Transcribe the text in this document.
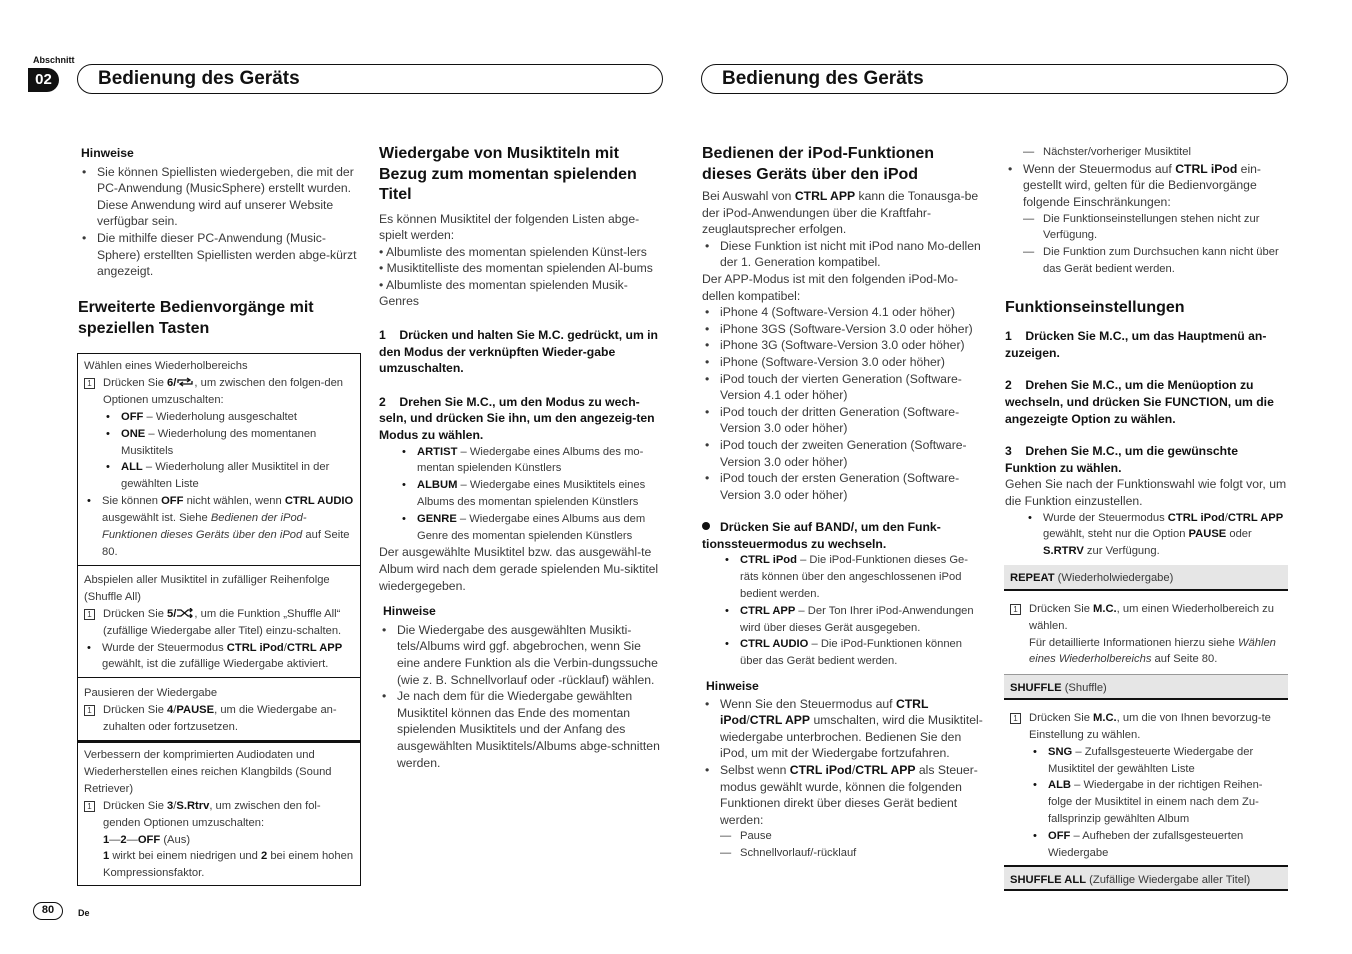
Abschnitt
02	Bedienung des Geräts	Bedienung des Geräts
Hinweise
• Sie können Spiellisten wiedergeben, die mit der PC-Anwendung (MusicSphere) erstellt wurden. Diese Anwendung wird auf unserer Website verfügbar sein.
• Die mithilfe dieser PC-Anwendung (Music-Sphere) erstellten Spiellisten werden abge-kürzt angezeigt.
Erweiterte Bedienvorgänge mit speziellen Tasten
Wählen eines Wiederholbereichs
1 Drücken Sie 6/ , um zwischen den folgen-den Optionen umzuschalten:
• OFF – Wiederholung ausgeschaltet
• ONE – Wiederholung des momentanen Musiktitels
• ALL – Wiederholung aller Musiktitel in der gewählten Liste
• Sie können OFF nicht wählen, wenn CTRL AUDIO ausgewählt ist. Siehe Bedienen der iPod-Funktionen dieses Geräts über den iPod auf Seite 80.
Abspielen aller Musiktitel in zufälliger Reihenfolge (Shuffle All)
1 Drücken Sie 5/ , um die Funktion „Shuffle All“ (zufällige Wiedergabe aller Titel) einzu-schalten.
• Wurde der Steuermodus CTRL iPod/CTRL APP gewählt, ist die zufällige Wiedergabe aktiviert.
Pausieren der Wiedergabe
1 Drücken Sie 4/PAUSE, um die Wiedergabe an-zuhalten oder fortzusetzen.
Verbessern der komprimierten Audiodaten und Wiederherstellen eines reichen Klangbilds (Sound Retriever)
1 Drücken Sie 3/S.Rtrv, um zwischen den fol-genden Optionen umzuschalten:
1—2—OFF (Aus)
1 wirkt bei einem niedrigen und 2 bei einem hohen Kompressionsfaktor.
Wiedergabe von Musiktiteln mit Bezug zum momentan spielenden Titel
Es können Musiktitel der folgenden Listen abge-spielt werden:
• Albumliste des momentan spielenden Künst-lers
• Musiktitelliste des momentan spielenden Al-bums
• Albumliste des momentan spielenden Musik-Genres
1    Drücken und halten Sie M.C. gedrückt, um in den Modus der verknüpften Wieder-gabe umzuschalten.
2    Drehen Sie M.C., um den Modus zu wech-seln, und drücken Sie ihn, um den angezeig-ten Modus zu wählen.
• ARTIST – Wiedergabe eines Albums des mo-mentan spielenden Künstlers
• ALBUM – Wiedergabe eines Musiktitels eines Albums des momentan spielenden Künstlers
• GENRE – Wiedergabe eines Albums aus dem Genre des momentan spielenden Künstlers
Der ausgewählte Musiktitel bzw. das ausgewähl-te Album wird nach dem gerade spielenden Mu-siktitel wiedergegeben.
Hinweise
• Die Wiedergabe des ausgewählten Musikti-tels/Albums wird ggf. abgebrochen, wenn Sie eine andere Funktion als die Verbin-dungssuche (wie z. B. Schnellvorlauf oder -rücklauf) wählen.
• Je nach dem für die Wiedergabe gewählten Musiktitel können das Ende des momentan spielenden Musiktitels und der Anfang des ausgewählten Musiktitels/Albums abge-schnitten werden.
Bedienen der iPod-Funktionen dieses Geräts über den iPod
Bei Auswahl von CTRL APP kann die Tonausga-be der iPod-Anwendungen über die Kraftfahr-zeuglautsprecher erfolgen.
• Diese Funktion ist nicht mit iPod nano Mo-dellen der 1. Generation kompatibel.
Der APP-Modus ist mit den folgenden iPod-Mo-dellen kompatibel:
• iPhone 4 (Software-Version 4.1 oder höher)
• iPhone 3GS (Software-Version 3.0 oder höher)
• iPhone 3G (Software-Version 3.0 oder höher)
• iPhone (Software-Version 3.0 oder höher)
• iPod touch der vierten Generation (Software-Version 4.1 oder höher)
• iPod touch der dritten Generation (Software-Version 3.0 oder höher)
• iPod touch der zweiten Generation (Software-Version 3.0 oder höher)
• iPod touch der ersten Generation (Software-Version 3.0 oder höher)
Drücken Sie auf BAND/, um den Funk-tionssteuermodus zu wechseln.
• CTRL iPod – Die iPod-Funktionen dieses Ge-räts können über den angeschlossenen iPod bedient werden.
• CTRL APP – Der Ton Ihrer iPod-Anwendungen wird über dieses Gerät ausgegeben.
• CTRL AUDIO – Die iPod-Funktionen können über das Gerät bedient werden.
Hinweise
• Wenn Sie den Steuermodus auf CTRL iPod/CTRL APP umschalten, wird die Musiktitel-wiedergabe unterbrochen. Bedienen Sie den iPod, um mit der Wiedergabe fortzufahren.
• Selbst wenn CTRL iPod/CTRL APP als Steuer-modus gewählt wurde, können die folgenden Funktionen direkt über dieses Gerät bedient werden:
— Pause
— Schnellvorlauf/-rücklauf
— Nächster/vorheriger Musiktitel
• Wenn der Steuermodus auf CTRL iPod ein-gestellt wird, gelten für die Bedienvorgänge folgende Einschränkungen:
— Die Funktionseinstellungen stehen nicht zur Verfügung.
— Die Funktion zum Durchsuchen kann nicht über das Gerät bedient werden.
Funktionseinstellungen
1    Drücken Sie M.C., um das Hauptmenü an-zuzeigen.
2    Drehen Sie M.C., um die Menüoption zu wechseln, und drücken Sie FUNCTION, um die angezeigte Option zu wählen.
3    Drehen Sie M.C., um die gewünschte Funktion zu wählen.
Gehen Sie nach der Funktionswahl wie folgt vor, um die Funktion einzustellen.
• Wurde der Steuermodus CTRL iPod/CTRL APP gewählt, steht nur die Option PAUSE oder S.RTRV zur Verfügung.
REPEAT (Wiederholwiedergabe)
1 Drücken Sie M.C., um einen Wiederholbereich zu wählen.
Für detaillierte Informationen hierzu siehe Wählen eines Wiederholbereichs auf Seite 80.
SHUFFLE (Shuffle)
1 Drücken Sie M.C., um die von Ihnen bevorzug-te Einstellung zu wählen.
• SNG – Zufallsgesteuerte Wiedergabe der Musiktitel der gewählten Liste
• ALB – Wiedergabe in der richtigen Reihen-folge der Musiktitel in einem nach dem Zu-fallsprinzip gewählten Album
• OFF – Aufheben der zufallsgesteuerten Wiedergabe
SHUFFLE ALL (Zufällige Wiedergabe aller Titel)
80	De
